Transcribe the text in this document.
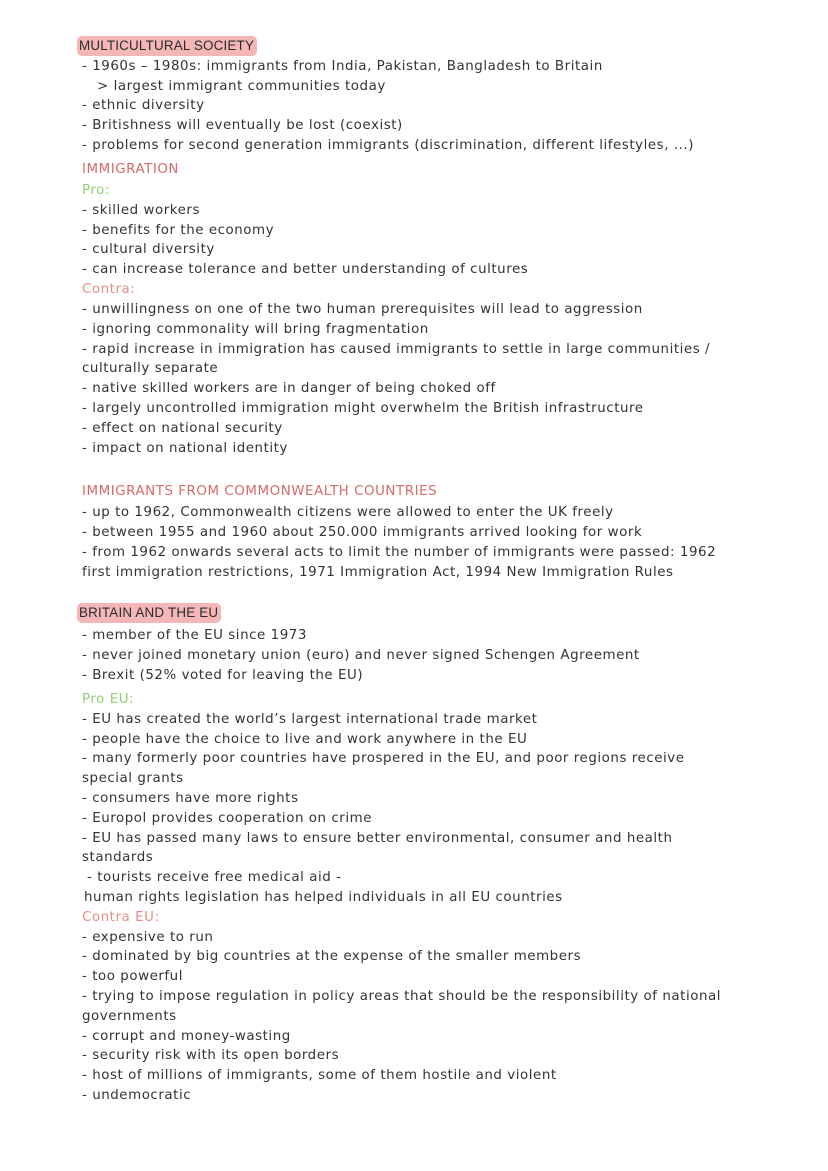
MULTICULTURAL SOCIETY
- 1960s – 1980s: immigrants from India, Pakistan, Bangladesh to Britain
> largest immigrant communities today
- ethnic diversity
- Britishness will eventually be lost (coexist)
- problems for second generation immigrants (discrimination, different lifestyles, ...)
IMMIGRATION
Pro:
- skilled workers
- benefits for the economy
- cultural diversity
- can increase tolerance and better understanding of cultures
Contra:
- unwillingness on one of the two human prerequisites will lead to aggression
- ignoring commonality will bring fragmentation
- rapid increase in immigration has caused immigrants to settle in large communities /
culturally separate
- native skilled workers are in danger of being choked off
- largely uncontrolled immigration might overwhelm the British infrastructure
- effect on national security
- impact on national identity
IMMIGRANTS FROM COMMONWEALTH COUNTRIES
- up to 1962, Commonwealth citizens were allowed to enter the UK freely
- between 1955 and 1960 about 250.000 immigrants arrived looking for work
- from 1962 onwards several acts to limit the number of immigrants were passed: 1962
first immigration restrictions, 1971 Immigration Act, 1994 New Immigration Rules
BRITAIN AND THE EU
- member of the EU since 1973
- never joined monetary union (euro) and never signed Schengen Agreement
- Brexit (52% voted for leaving the EU)
Pro EU:
- EU has created the world’s largest international trade market
- people have the choice to live and work anywhere in the EU
- many formerly poor countries have prospered in the EU, and poor regions receive
special grants
- consumers have more rights
- Europol provides cooperation on crime
- EU has passed many laws to ensure better environmental, consumer and health
standards
- tourists receive free medical aid -
human rights legislation has helped individuals in all EU countries
Contra EU:
- expensive to run
- dominated by big countries at the expense of the smaller members
- too powerful
- trying to impose regulation in policy areas that should be the responsibility of national
governments
- corrupt and money-wasting
- security risk with its open borders
- host of millions of immigrants, some of them hostile and violent
- undemocratic
